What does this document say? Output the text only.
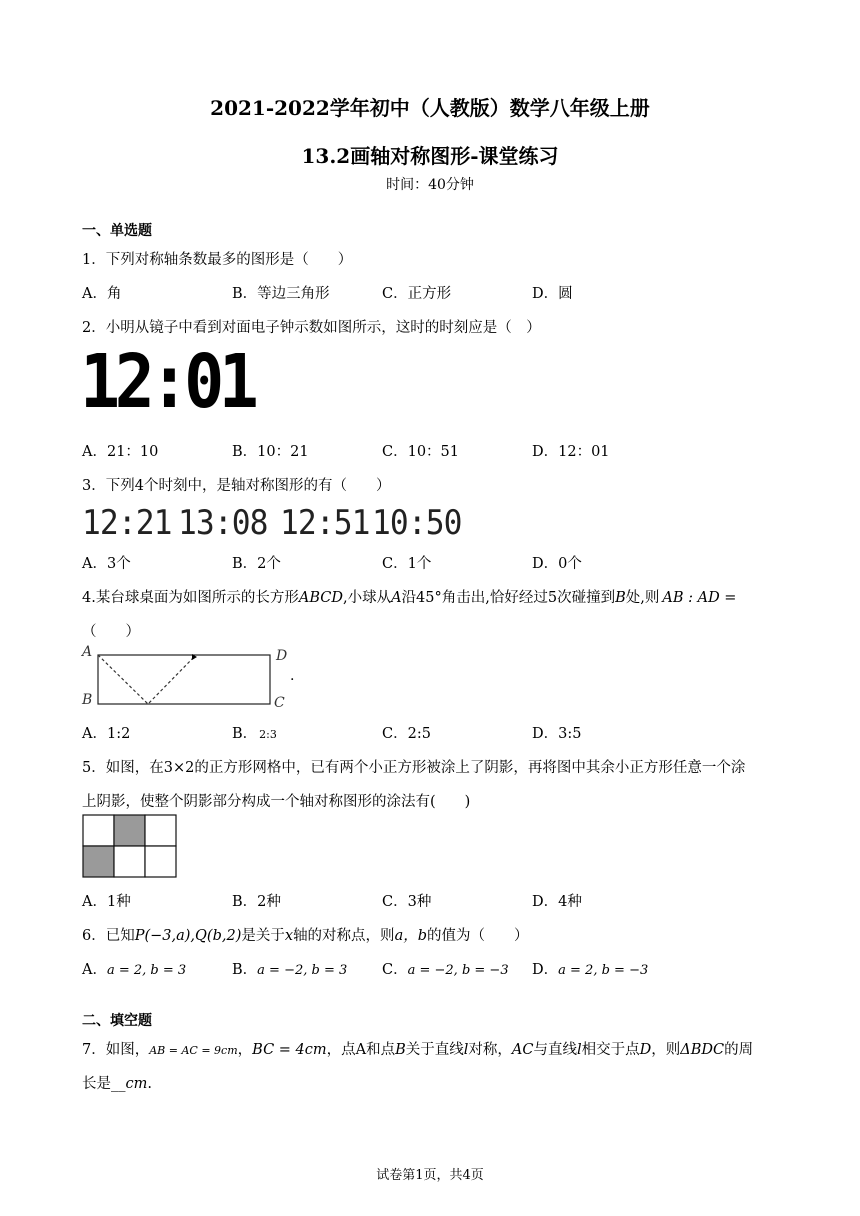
2021-2022学年初中（人教版）数学八年级上册
13.2画轴对称图形-课堂练习
时间：40分钟
一、单选题
1．下列对称轴条数最多的图形是（　　）
A．角	B．等边三角形	C．正方形	D．圆
2．小明从镜子中看到对面电子钟示数如图所示，这时的时刻应是（　）
12:01
A．21：10	B．10：21	C．10：51	D．12：01
3．下列4个时刻中，是轴对称图形的有（　　）
12:21 13:08 12:51 10:50
A．3个	B．2个	C．1个	D．0个
4.某台球桌面为如图所示的长方形ABCD,小球从A沿45°角击出,恰好经过5次碰撞到B处,则 AB : AD =
（　　）
A	D
B	C
.
A．1:2	B． 2:3	C．2:5	D．3:5
5．如图，在3×2的正方形网格中，已有两个小正方形被涂上了阴影，再将图中其余小正方形任意一个涂
上阴影，使整个阴影部分构成一个轴对称图形的涂法有(　　)
A．1种	B．2种	C．3种	D．4种
6．已知P(−3,a),Q(b,2)是关于x轴的对称点，则a，b的值为（　　）
A．a = 2, b = 3	B．a = −2, b = 3 C．a = −2, b = −3 D．a = 2, b = −3
二、填空题
7．如图，AB = AC = 9cm，BC = 4cm，点A和点B关于直线l对称，AC与直线l相交于点D，则ΔBDC的周
长是__cm.
试卷第1页，共4页
